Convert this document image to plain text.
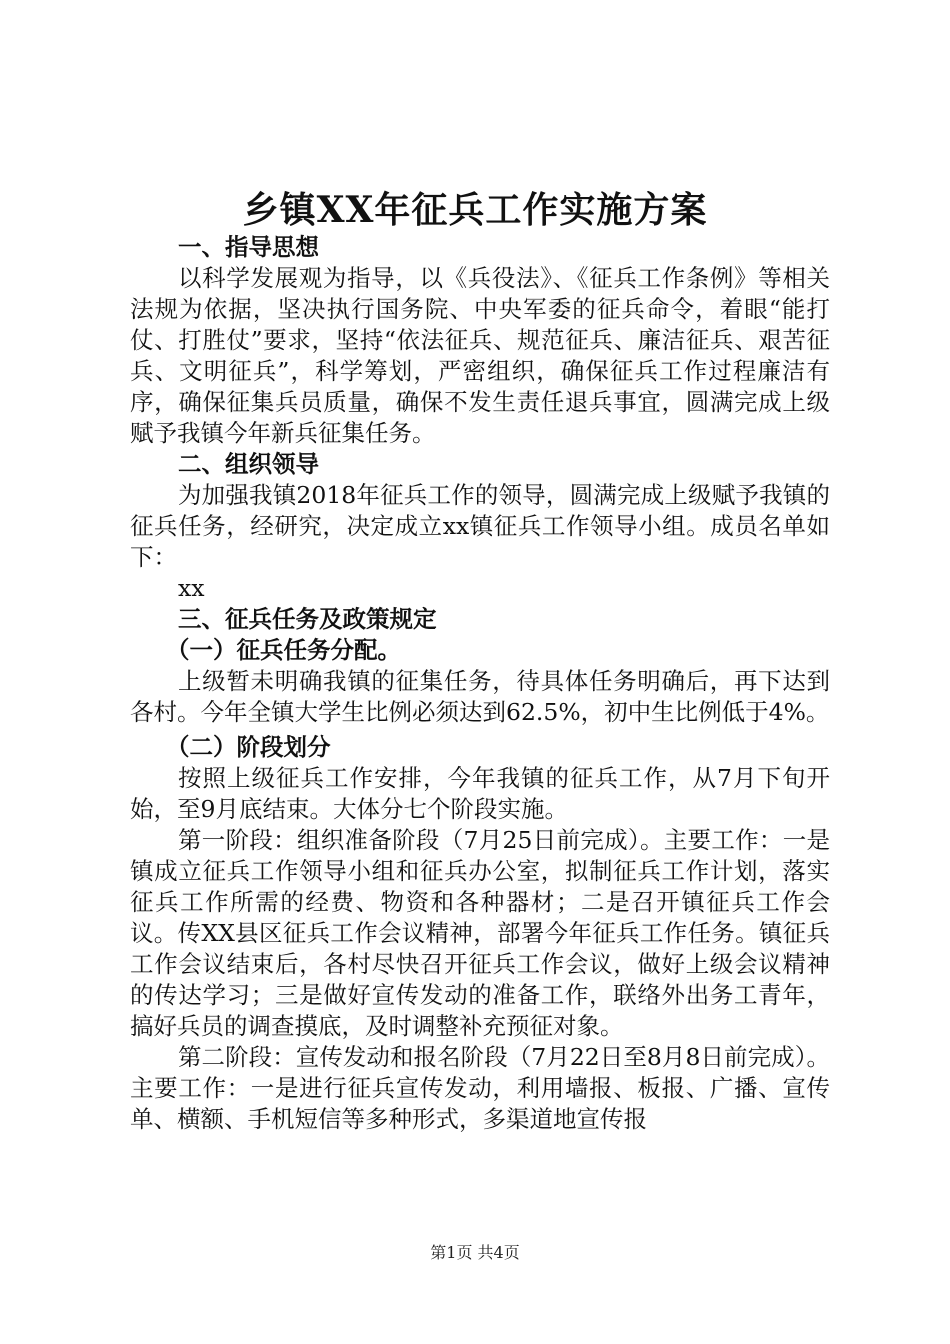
乡镇XX年征兵工作实施方案
一、指导思想

以科学发展观为指导，以《兵役法》、《征兵工作条例》等相关法规为依据，坚决执行国务院、中央军委的征兵命令，着眼“能打仗、打胜仗”要求，坚持“依法征兵、规范征兵、廉洁征兵、艰苦征兵、文明征兵”，科学筹划，严密组织，确保征兵工作过程廉洁有序，确保征集兵员质量，确保不发生责任退兵事宜，圆满完成上级赋予我镇今年新兵征集任务。

二、组织领导

为加强我镇2018年征兵工作的领导，圆满完成上级赋予我镇的征兵任务，经研究，决定成立xx镇征兵工作领导小组。成员名单如下：

xx

三、征兵任务及政策规定
（一）征兵任务分配。

上级暂未明确我镇的征集任务，待具体任务明确后，再下达到各村。今年全镇大学生比例必须达到62.5%，初中生比例低于4%。

（二）阶段划分

按照上级征兵工作安排，今年我镇的征兵工作，从7月下旬开始，至9月底结束。大体分七个阶段实施。

第一阶段：组织准备阶段（7月25日前完成）。主要工作：一是镇成立征兵工作领导小组和征兵办公室，拟制征兵工作计划，落实征兵工作所需的经费、物资和各种器材；二是召开镇征兵工作会议。传XX县区征兵工作会议精神，部署今年征兵工作任务。镇征兵工作会议结束后，各村尽快召开征兵工作会议，做好上级会议精神的传达学习；三是做好宣传发动的准备工作，联络外出务工青年，搞好兵员的调查摸底，及时调整补充预征对象。

第二阶段：宣传发动和报名阶段（7月22日至8月8日前完成）。主要工作：一是进行征兵宣传发动，利用墙报、板报、广播、宣传单、横额、手机短信等多种形式，多渠道地宣传报

第1页 共4页
